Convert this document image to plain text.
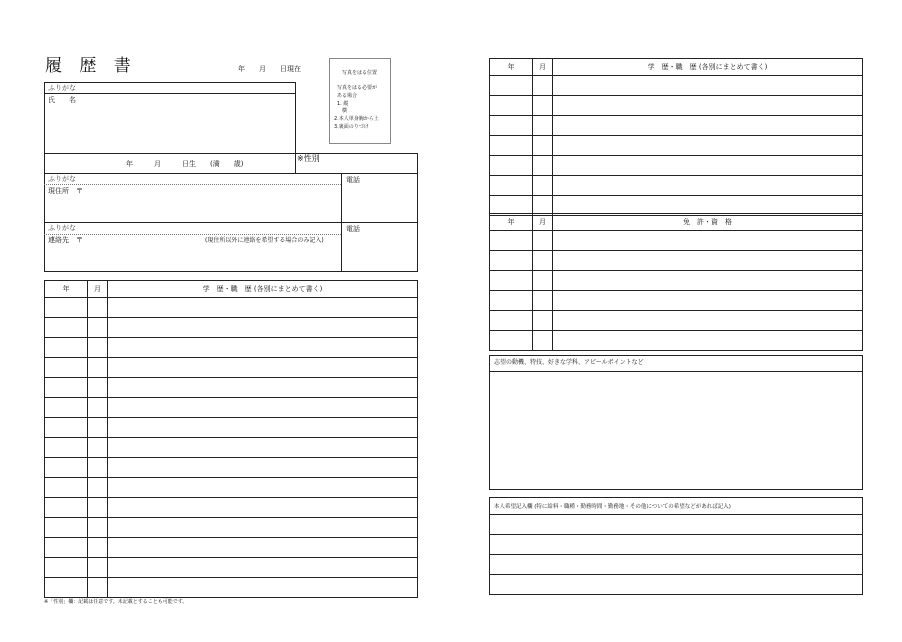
履 歴 書	年　　月　　日現在	写真をはる位置
写真をはる必要が
ある場合
1. 縦
　横
2.本人単身胸から上
3.裏面のりづけ
ふりがな
氏　　名
年　　　月　　　日生　　(満　　歳)
※性別
ふりがな
現住所　〒
電話
ふりがな
連絡先　〒	(現住所以外に連絡を希望する場合のみ記入)
電話
年	月	学　歴・職　歴 (各別にまとめて書く)

※「性別」欄：記載は任意です。未記載とすることも可能です。
年	月	学　歴・職　歴 (各別にまとめて書く)

年	月	免　許・資　格

志望の動機、特技、好きな学科、アピールポイントなど
本人希望記入欄 (特に給料・職種・勤務時間・勤務地・その他についての希望などがあれば記入)
